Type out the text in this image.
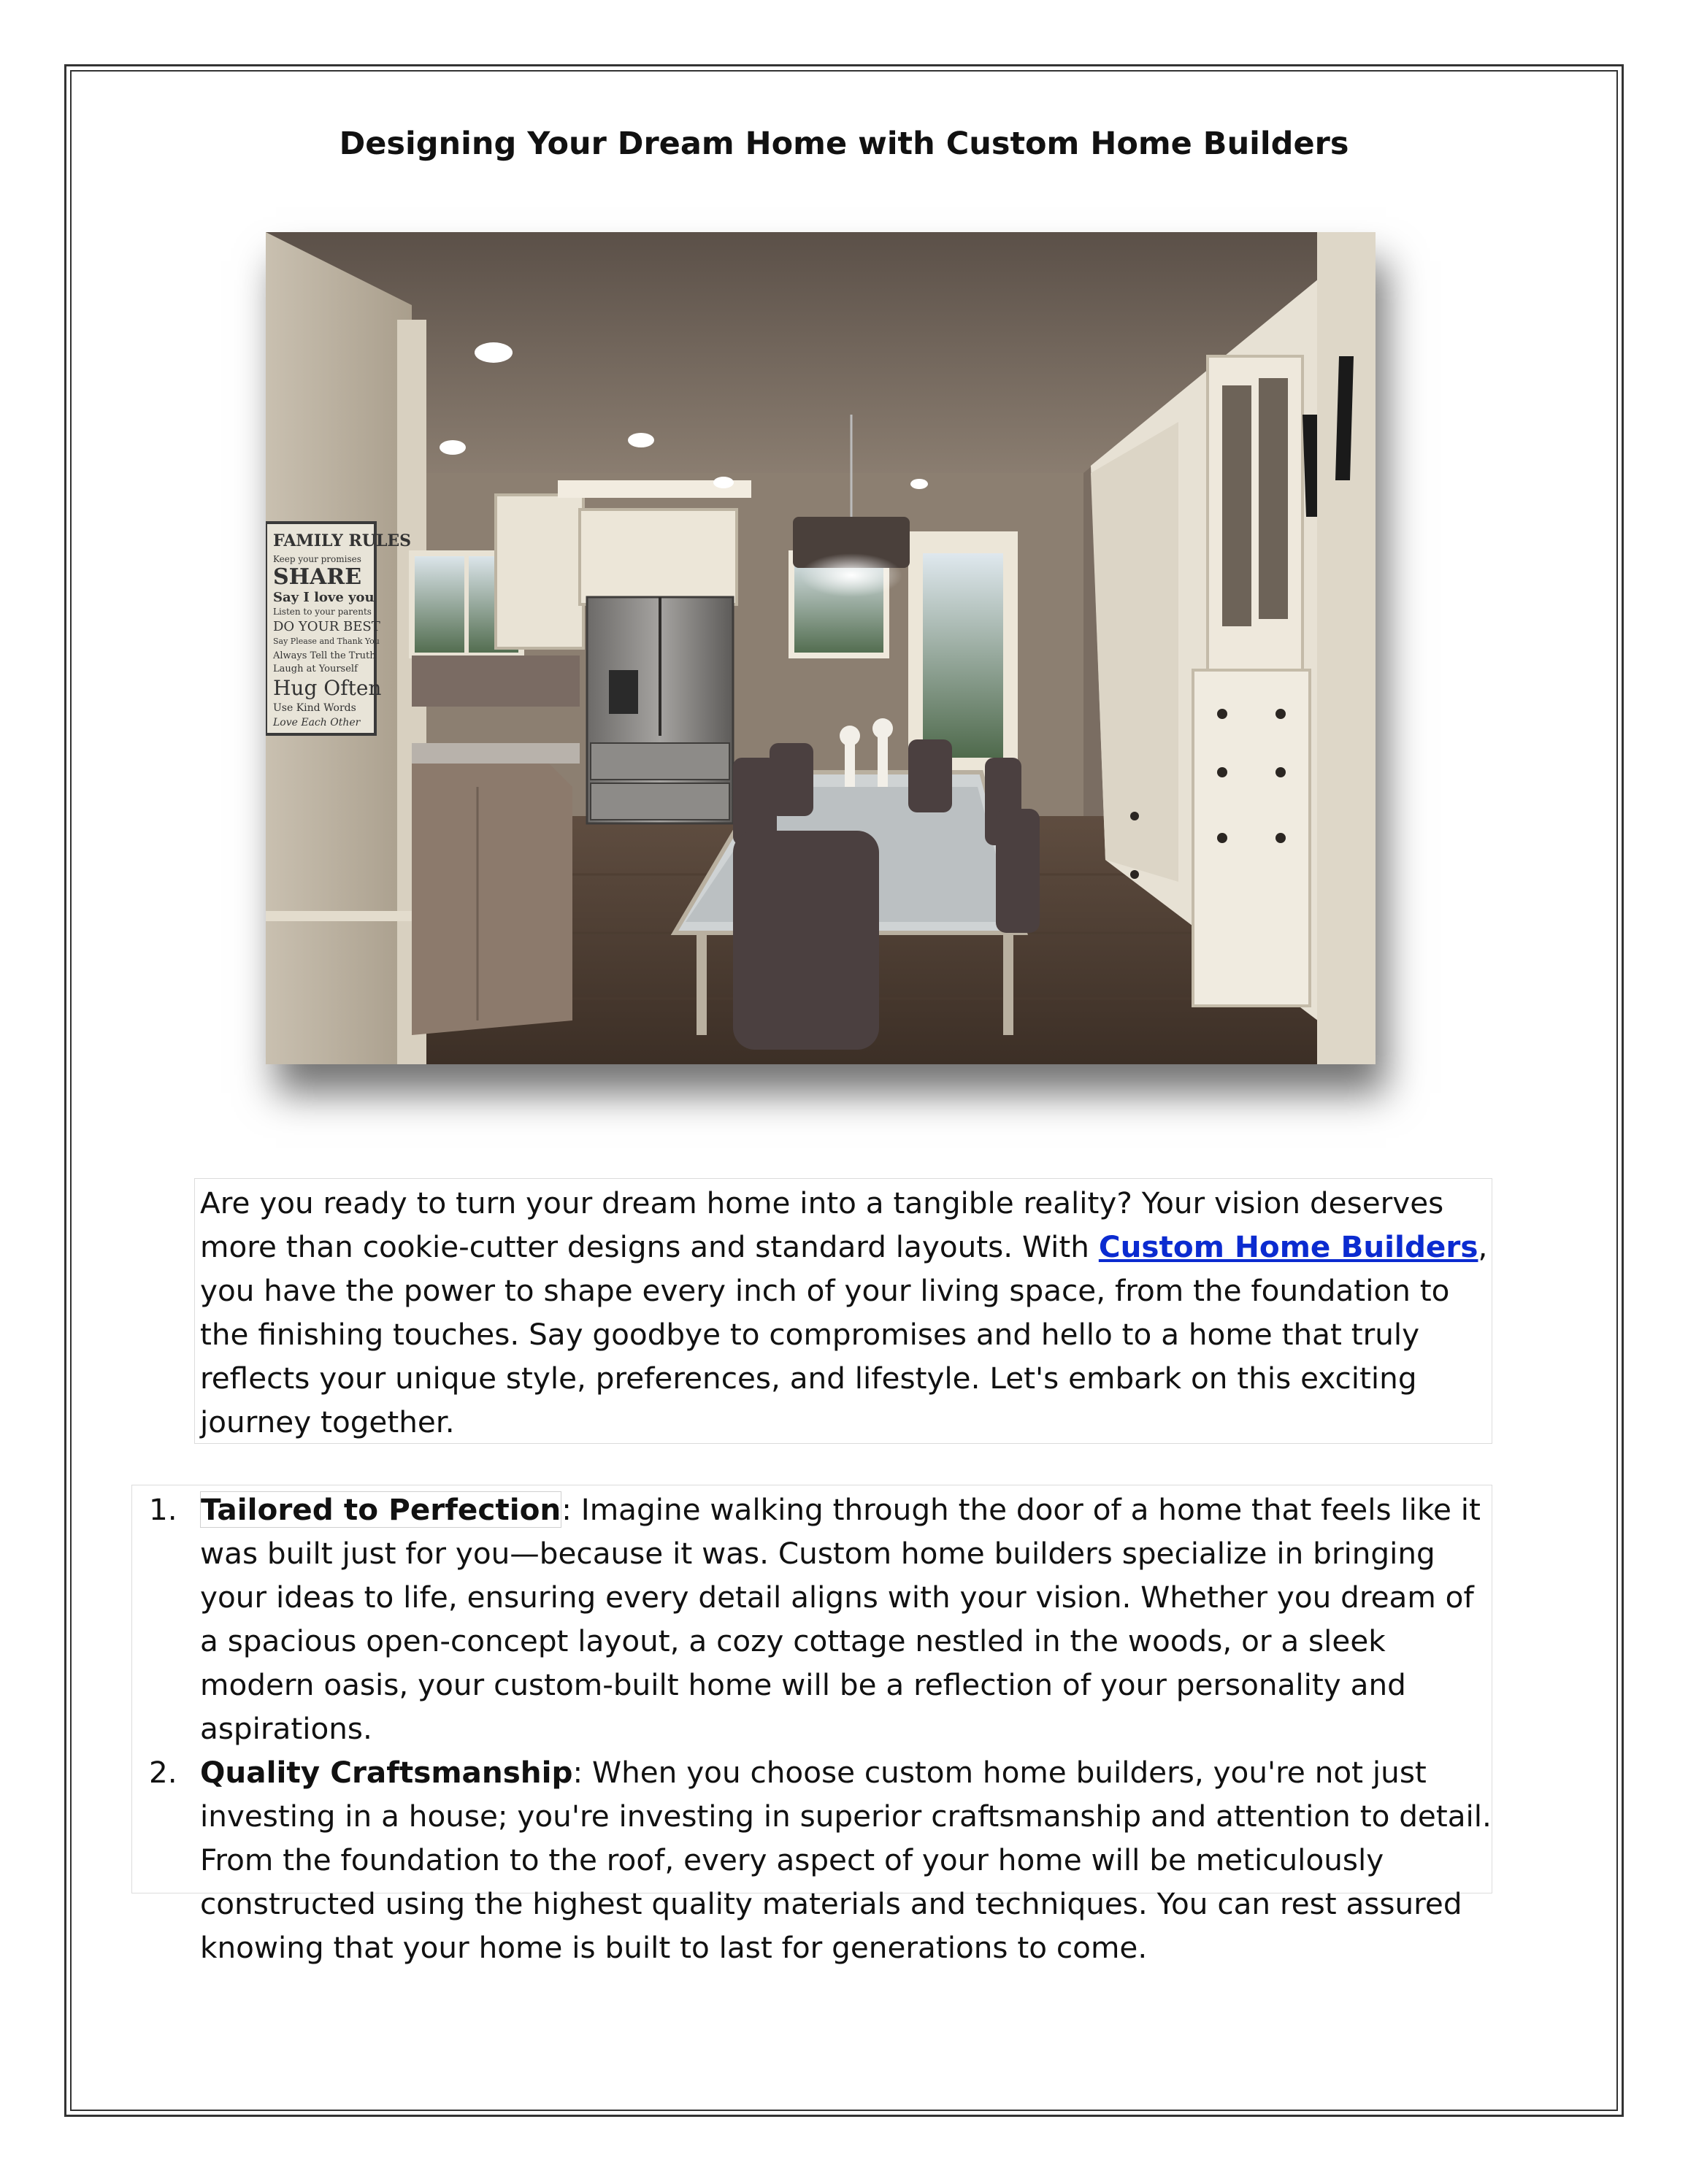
Designing Your Dream Home with Custom Home Builders
FAMILY RULES
Keep your promises
SHARE
Say I love you
Listen to your parents
DO YOUR BEST
Say Please and Thank You
Always Tell the Truth
Laugh at Yourself
Hug Often
Use Kind Words
Love Each Other

Are you ready to turn your dream home into a tangible reality? Your vision deserves more than cookie-cutter designs and standard layouts. With Custom Home Builders, you have the power to shape every inch of your living space, from the foundation to the finishing touches. Say goodbye to compromises and hello to a home that truly reflects your unique style, preferences, and lifestyle. Let's embark on this exciting journey together.

1. Tailored to Perfection: Imagine walking through the door of a home that feels like it was built just for you—because it was. Custom home builders specialize in bringing your ideas to life, ensuring every detail aligns with your vision. Whether you dream of a spacious open-concept layout, a cozy cottage nestled in the woods, or a sleek modern oasis, your custom-built home will be a reflection of your personality and aspirations.
2. Quality Craftsmanship: When you choose custom home builders, you're not just investing in a house; you're investing in superior craftsmanship and attention to detail. From the foundation to the roof, every aspect of your home will be meticulously constructed using the highest quality materials and techniques. You can rest assured knowing that your home is built to last for generations to come.
